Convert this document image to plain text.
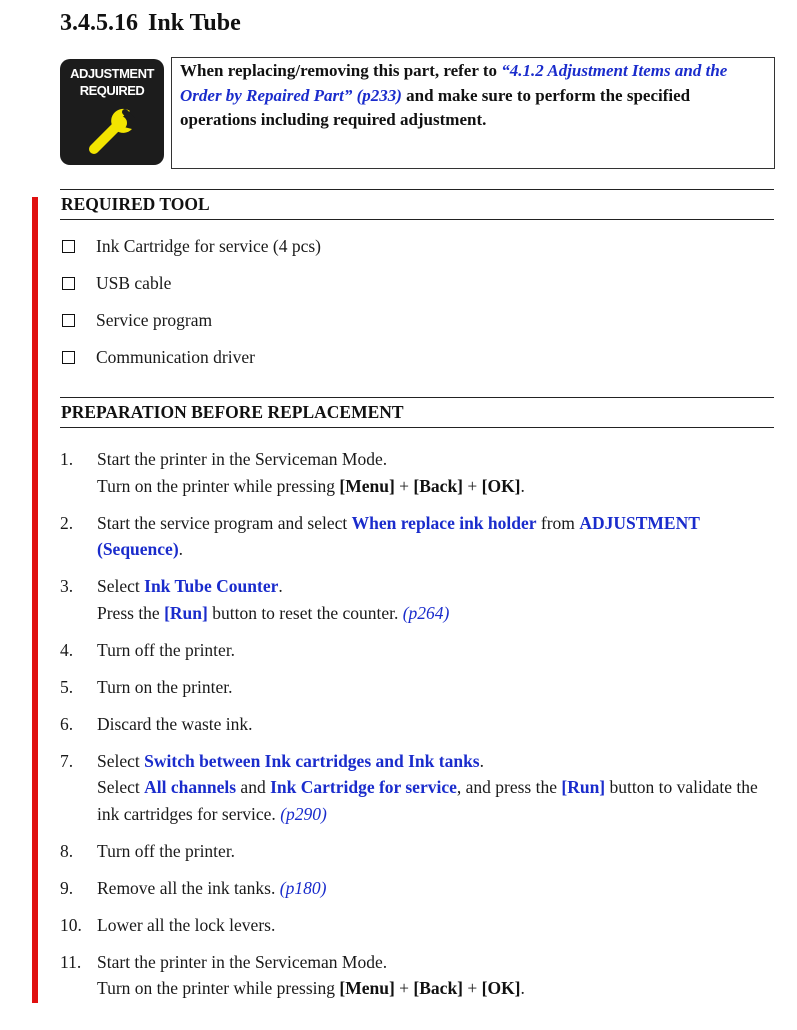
3.4.5.16 Ink Tube
ADJUSTMENT
REQUIRED
When replacing/removing this part, refer to “4.1.2 Adjustment Items and the Order by Repaired Part” (p233) and make sure to perform the specified operations including required adjustment.
REQUIRED TOOL
Ink Cartridge for service (4 pcs)
USB cable
Service program
Communication driver
PREPARATION BEFORE REPLACEMENT
1.	Start the printer in the Serviceman Mode.
Turn on the printer while pressing [Menu] + [Back] + [OK].
2.	Start the service program and select When replace ink holder from ADJUSTMENT (Sequence).
3.	Select Ink Tube Counter.
Press the [Run] button to reset the counter. (p264)
4.	Turn off the printer.
5.	Turn on the printer.
6.	Discard the waste ink.
7.	Select Switch between Ink cartridges and Ink tanks.
Select All channels and Ink Cartridge for service, and press the [Run] button to validate the ink cartridges for service. (p290)
8.	Turn off the printer.
9.	Remove all the ink tanks. (p180)
10. Lower all the lock levers.
11. Start the printer in the Serviceman Mode.
Turn on the printer while pressing [Menu] + [Back] + [OK].
